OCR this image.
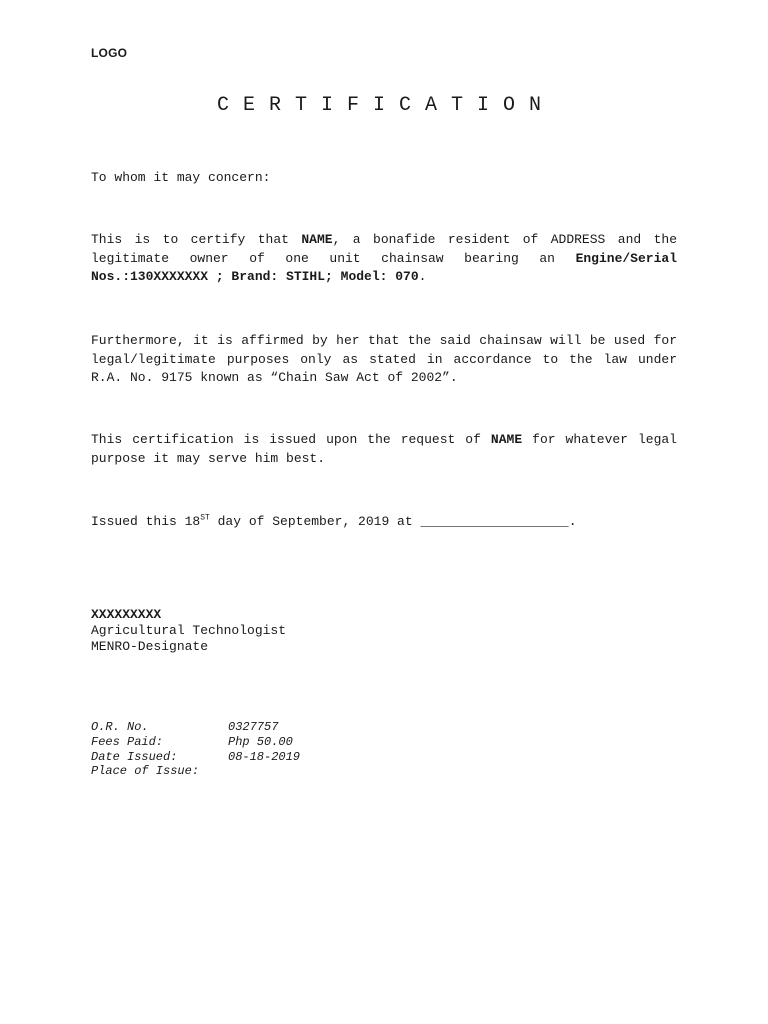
LOGO
CERTIFICATION
To whom it may concern:
This is to certify that NAME, a bonafide resident of ADDRESS and the legitimate owner of one unit chainsaw bearing an Engine/Serial Nos.:130XXXXXXX ; Brand: STIHL; Model: 070.
Furthermore, it is affirmed by her that the said chainsaw will be used for legal/legitimate purposes only as stated in accordance to the law under R.A. No. 9175 known as “Chain Saw Act of 2002”.
This certification is issued upon the request of NAME for whatever legal purpose it may serve him best.
Issued this 18ST day of September, 2019 at ___________________.
XXXXXXXXX
Agricultural Technologist
MENRO-Designate
O.R. No.	0327757
Fees Paid:	Php 50.00
Date Issued:	08-18-2019
Place of Issue:
